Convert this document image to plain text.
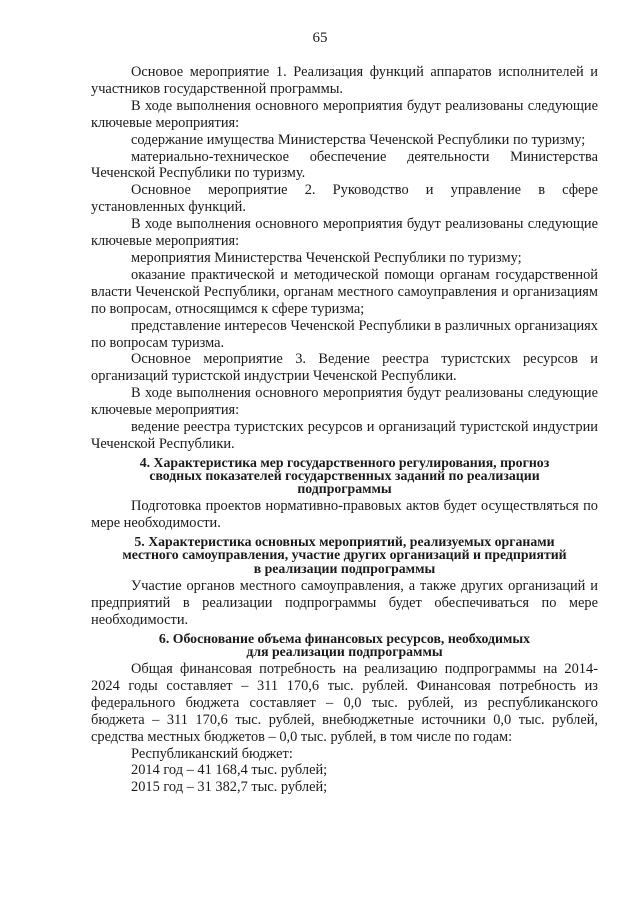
65

Основое мероприятие 1. Реализация функций аппаратов исполнителей и участников государственной программы.

В ходе выполнения основного мероприятия будут реализованы следующие ключевые мероприятия:

содержание имущества Министерства Чеченской Республики по туризму;

материально-техническое обеспечение деятельности Министерства Чеченской Республики по туризму.

Основное мероприятие 2. Руководство и управление в сфере установленных функций.

В ходе выполнения основного мероприятия будут реализованы следующие ключевые мероприятия:

мероприятия Министерства Чеченской Республики по туризму;

оказание практической и методической помощи органам государственной власти Чеченской Республики, органам местного самоуправления и организациям по вопросам, относящимся к сфере туризма;

представление интересов Чеченской Республики в различных организациях по вопросам туризма.

Основное мероприятие 3. Ведение реестра туристских ресурсов и организаций туристской индустрии Чеченской Республики.

В ходе выполнения основного мероприятия будут реализованы следующие ключевые мероприятия:

ведение реестра туристских ресурсов и организаций туристской индустрии Чеченской Республики.

4. Характеристика мер государственного регулирования, прогноз
сводных показателей государственных заданий по реализации
подпрограммы

Подготовка проектов нормативно-правовых актов будет осуществляться по мере необходимости.

5. Характеристика основных мероприятий, реализуемых органами
местного самоуправления, участие других организаций и предприятий
в реализации подпрограммы

Участие органов местного самоуправления, а также других организаций и предприятий в реализации подпрограммы будет обеспечиваться по мере необходимости.

6. Обоснование объема финансовых ресурсов, необходимых
для реализации подпрограммы

Общая финансовая потребность на реализацию подпрограммы на 2014-2024 годы составляет – 311 170,6 тыс. рублей. Финансовая потребность из федерального бюджета составляет – 0,0 тыс. рублей, из республиканского бюджета – 311 170,6 тыс. рублей, внебюджетные источники 0,0 тыс. рублей, средства местных бюджетов – 0,0 тыс. рублей, в том числе по годам:

Республиканский бюджет:

2014 год – 41 168,4 тыс. рублей;

2015 год – 31 382,7 тыс. рублей;
